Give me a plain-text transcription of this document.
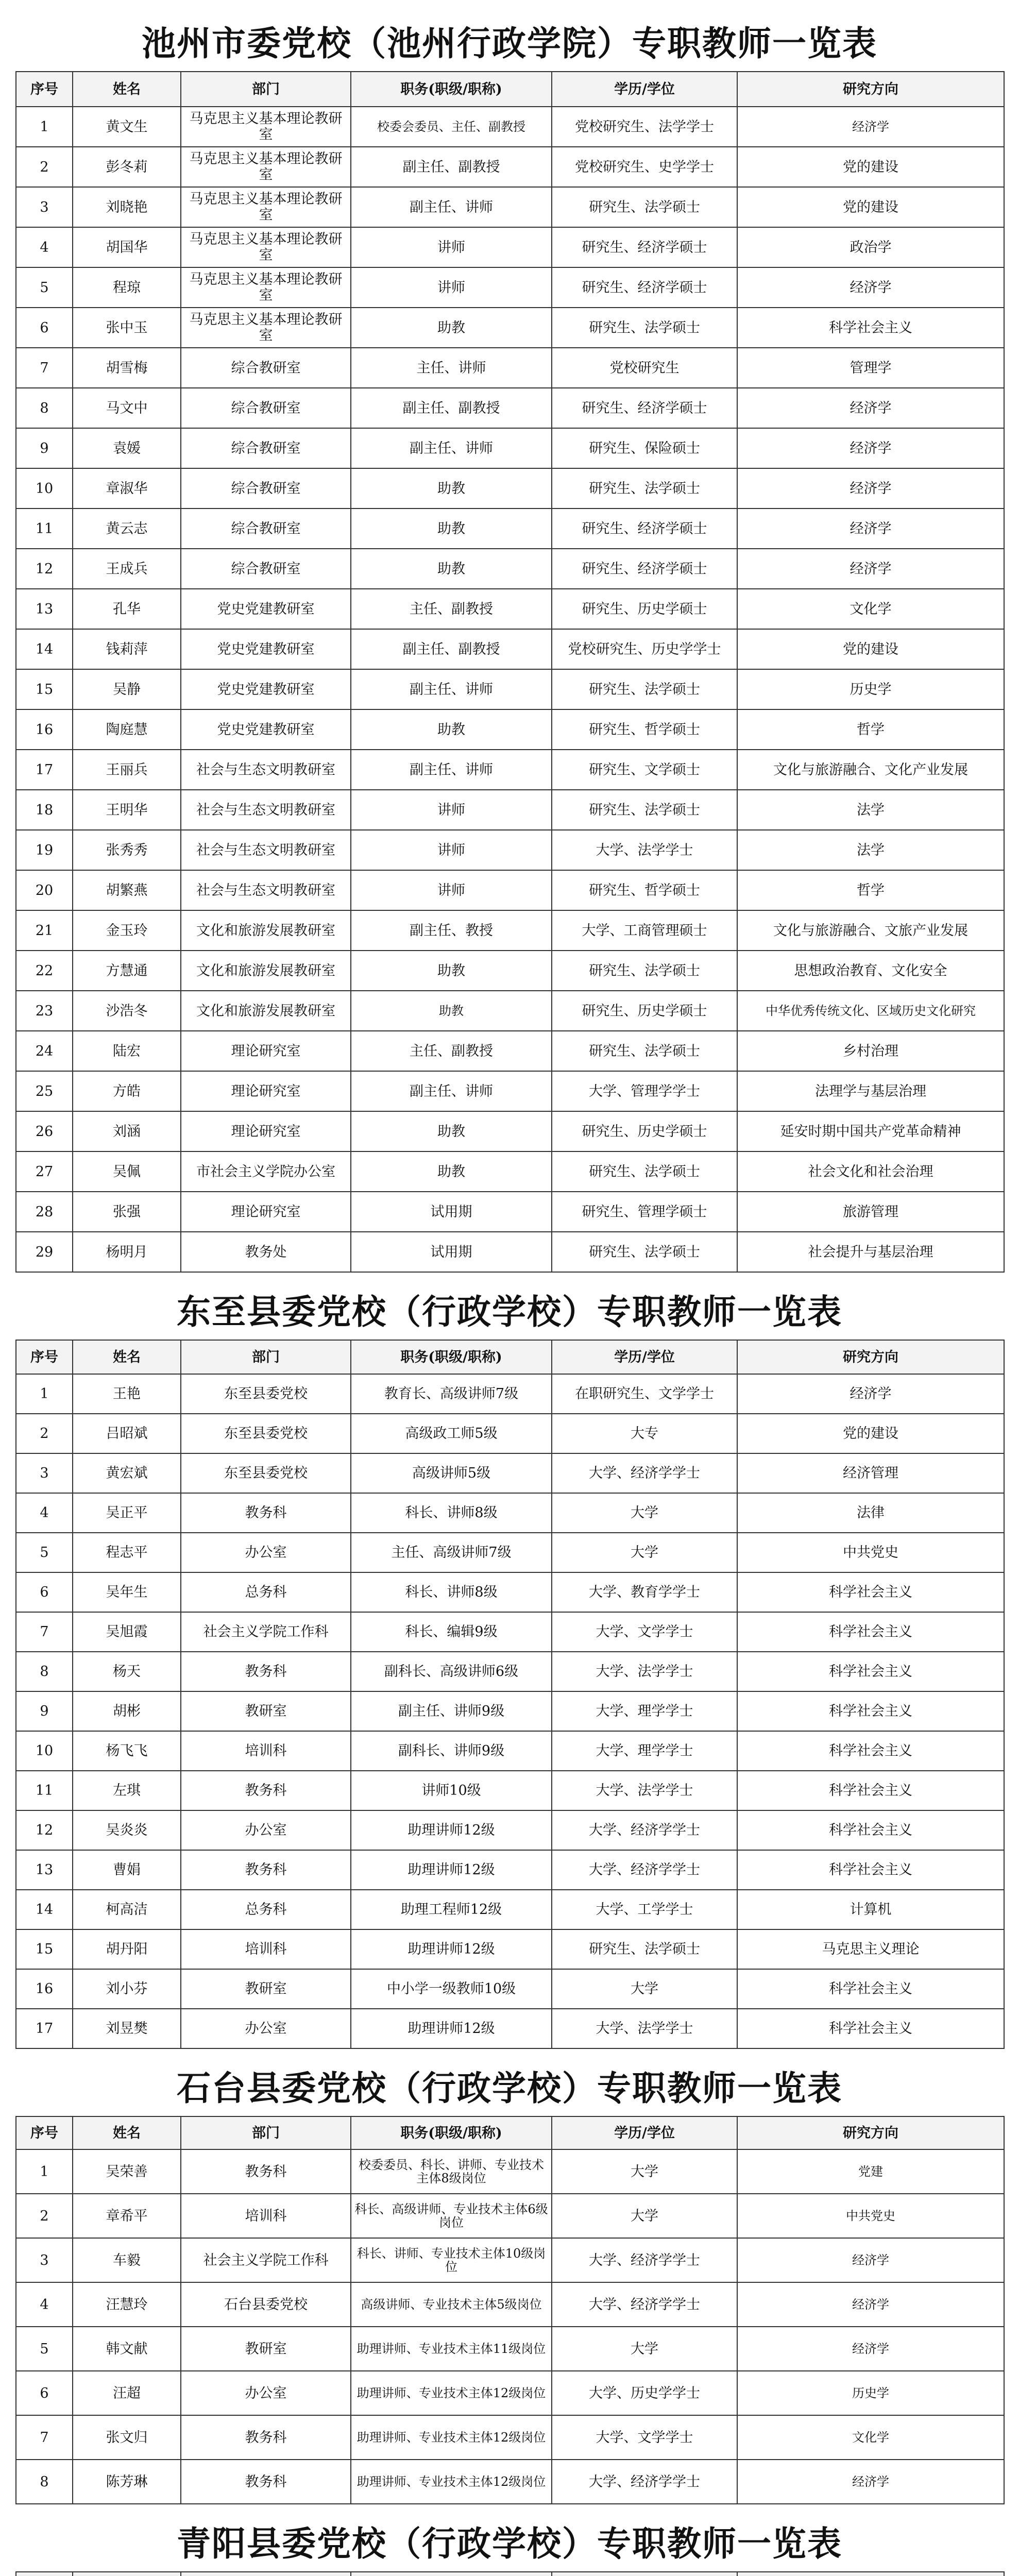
池州市委党校（池州行政学院）专职教师一览表
序号	姓名	部门	职务(职级/职称)	学历/学位	研究方向
1	黄文生	马克思主义基本理论教研室	校委会委员、主任、副教授	党校研究生、法学学士	经济学
2	彭冬莉	马克思主义基本理论教研室	副主任、副教授	党校研究生、史学学士	党的建设
3	刘晓艳	马克思主义基本理论教研室	副主任、讲师	研究生、法学硕士	党的建设
4	胡国华	马克思主义基本理论教研室	讲师	研究生、经济学硕士	政治学
5	程琼	马克思主义基本理论教研室	讲师	研究生、经济学硕士	经济学
6	张中玉	马克思主义基本理论教研室	助教	研究生、法学硕士	科学社会主义
7	胡雪梅	综合教研室	主任、讲师	党校研究生	管理学
8	马文中	综合教研室	副主任、副教授	研究生、经济学硕士	经济学
9	袁媛	综合教研室	副主任、讲师	研究生、保险硕士	经济学
10	章淑华	综合教研室	助教	研究生、法学硕士	经济学
11	黄云志	综合教研室	助教	研究生、经济学硕士	经济学
12	王成兵	综合教研室	助教	研究生、经济学硕士	经济学
13	孔华	党史党建教研室	主任、副教授	研究生、历史学硕士	文化学
14	钱莉萍	党史党建教研室	副主任、副教授	党校研究生、历史学学士	党的建设
15	吴静	党史党建教研室	副主任、讲师	研究生、法学硕士	历史学
16	陶庭慧	党史党建教研室	助教	研究生、哲学硕士	哲学
17	王丽兵	社会与生态文明教研室	副主任、讲师	研究生、文学硕士	文化与旅游融合、文化产业发展
18	王明华	社会与生态文明教研室	讲师	研究生、法学硕士	法学
19	张秀秀	社会与生态文明教研室	讲师	大学、法学学士	法学
20	胡繁燕	社会与生态文明教研室	讲师	研究生、哲学硕士	哲学
21	金玉玲	文化和旅游发展教研室	副主任、教授	大学、工商管理硕士	文化与旅游融合、文旅产业发展
22	方慧通	文化和旅游发展教研室	助教	研究生、法学硕士	思想政治教育、文化安全
23	沙浩冬	文化和旅游发展教研室	助教	研究生、历史学硕士	中华优秀传统文化、区域历史文化研究
24	陆宏	理论研究室	主任、副教授	研究生、法学硕士	乡村治理
25	方皓	理论研究室	副主任、讲师	大学、管理学学士	法理学与基层治理
26	刘涵	理论研究室	助教	研究生、历史学硕士	延安时期中国共产党革命精神
27	吴佩	市社会主义学院办公室	助教	研究生、法学硕士	社会文化和社会治理
28	张强	理论研究室	试用期	研究生、管理学硕士	旅游管理
29	杨明月	教务处	试用期	研究生、法学硕士	社会提升与基层治理
东至县委党校（行政学校）专职教师一览表
序号	姓名	部门	职务(职级/职称)	学历/学位	研究方向
1	王艳	东至县委党校	教育长、高级讲师7级	在职研究生、文学学士	经济学
2	吕昭斌	东至县委党校	高级政工师5级	大专	党的建设
3	黄宏斌	东至县委党校	高级讲师5级	大学、经济学学士	经济管理
4	吴正平	教务科	科长、讲师8级	大学	法律
5	程志平	办公室	主任、高级讲师7级	大学	中共党史
6	吴年生	总务科	科长、讲师8级	大学、教育学学士	科学社会主义
7	吴旭霞	社会主义学院工作科	科长、编辑9级	大学、文学学士	科学社会主义
8	杨天	教务科	副科长、高级讲师6级	大学、法学学士	科学社会主义
9	胡彬	教研室	副主任、讲师9级	大学、理学学士	科学社会主义
10	杨飞飞	培训科	副科长、讲师9级	大学、理学学士	科学社会主义
11	左琪	教务科	讲师10级	大学、法学学士	科学社会主义
12	吴炎炎	办公室	助理讲师12级	大学、经济学学士	科学社会主义
13	曹娟	教务科	助理讲师12级	大学、经济学学士	科学社会主义
14	柯高洁	总务科	助理工程师12级	大学、工学学士	计算机
15	胡丹阳	培训科	助理讲师12级	研究生、法学硕士	马克思主义理论
16	刘小芬	教研室	中小学一级教师10级	大学	科学社会主义
17	刘昱樊	办公室	助理讲师12级	大学、法学学士	科学社会主义
石台县委党校（行政学校）专职教师一览表
序号	姓名	部门	职务(职级/职称)	学历/学位	研究方向
1	吴荣善	教务科	校委委员、科长、讲师、专业技术主体8级岗位	大学	党建
2	章希平	培训科	科长、高级讲师、专业技术主体6级岗位	大学	中共党史
3	车毅	社会主义学院工作科	科长、讲师、专业技术主体10级岗位	大学、经济学学士	经济学
4	汪慧玲	石台县委党校	高级讲师、专业技术主体5级岗位	大学、经济学学士	经济学
5	韩文献	教研室	助理讲师、专业技术主体11级岗位	大学	经济学
6	汪超	办公室	助理讲师、专业技术主体12级岗位	大学、历史学学士	历史学
7	张文归	教务科	助理讲师、专业技术主体12级岗位	大学、文学学士	文化学
8	陈芳琳	教务科	助理讲师、专业技术主体12级岗位	大学、经济学学士	经济学
青阳县委党校（行政学校）专职教师一览表
